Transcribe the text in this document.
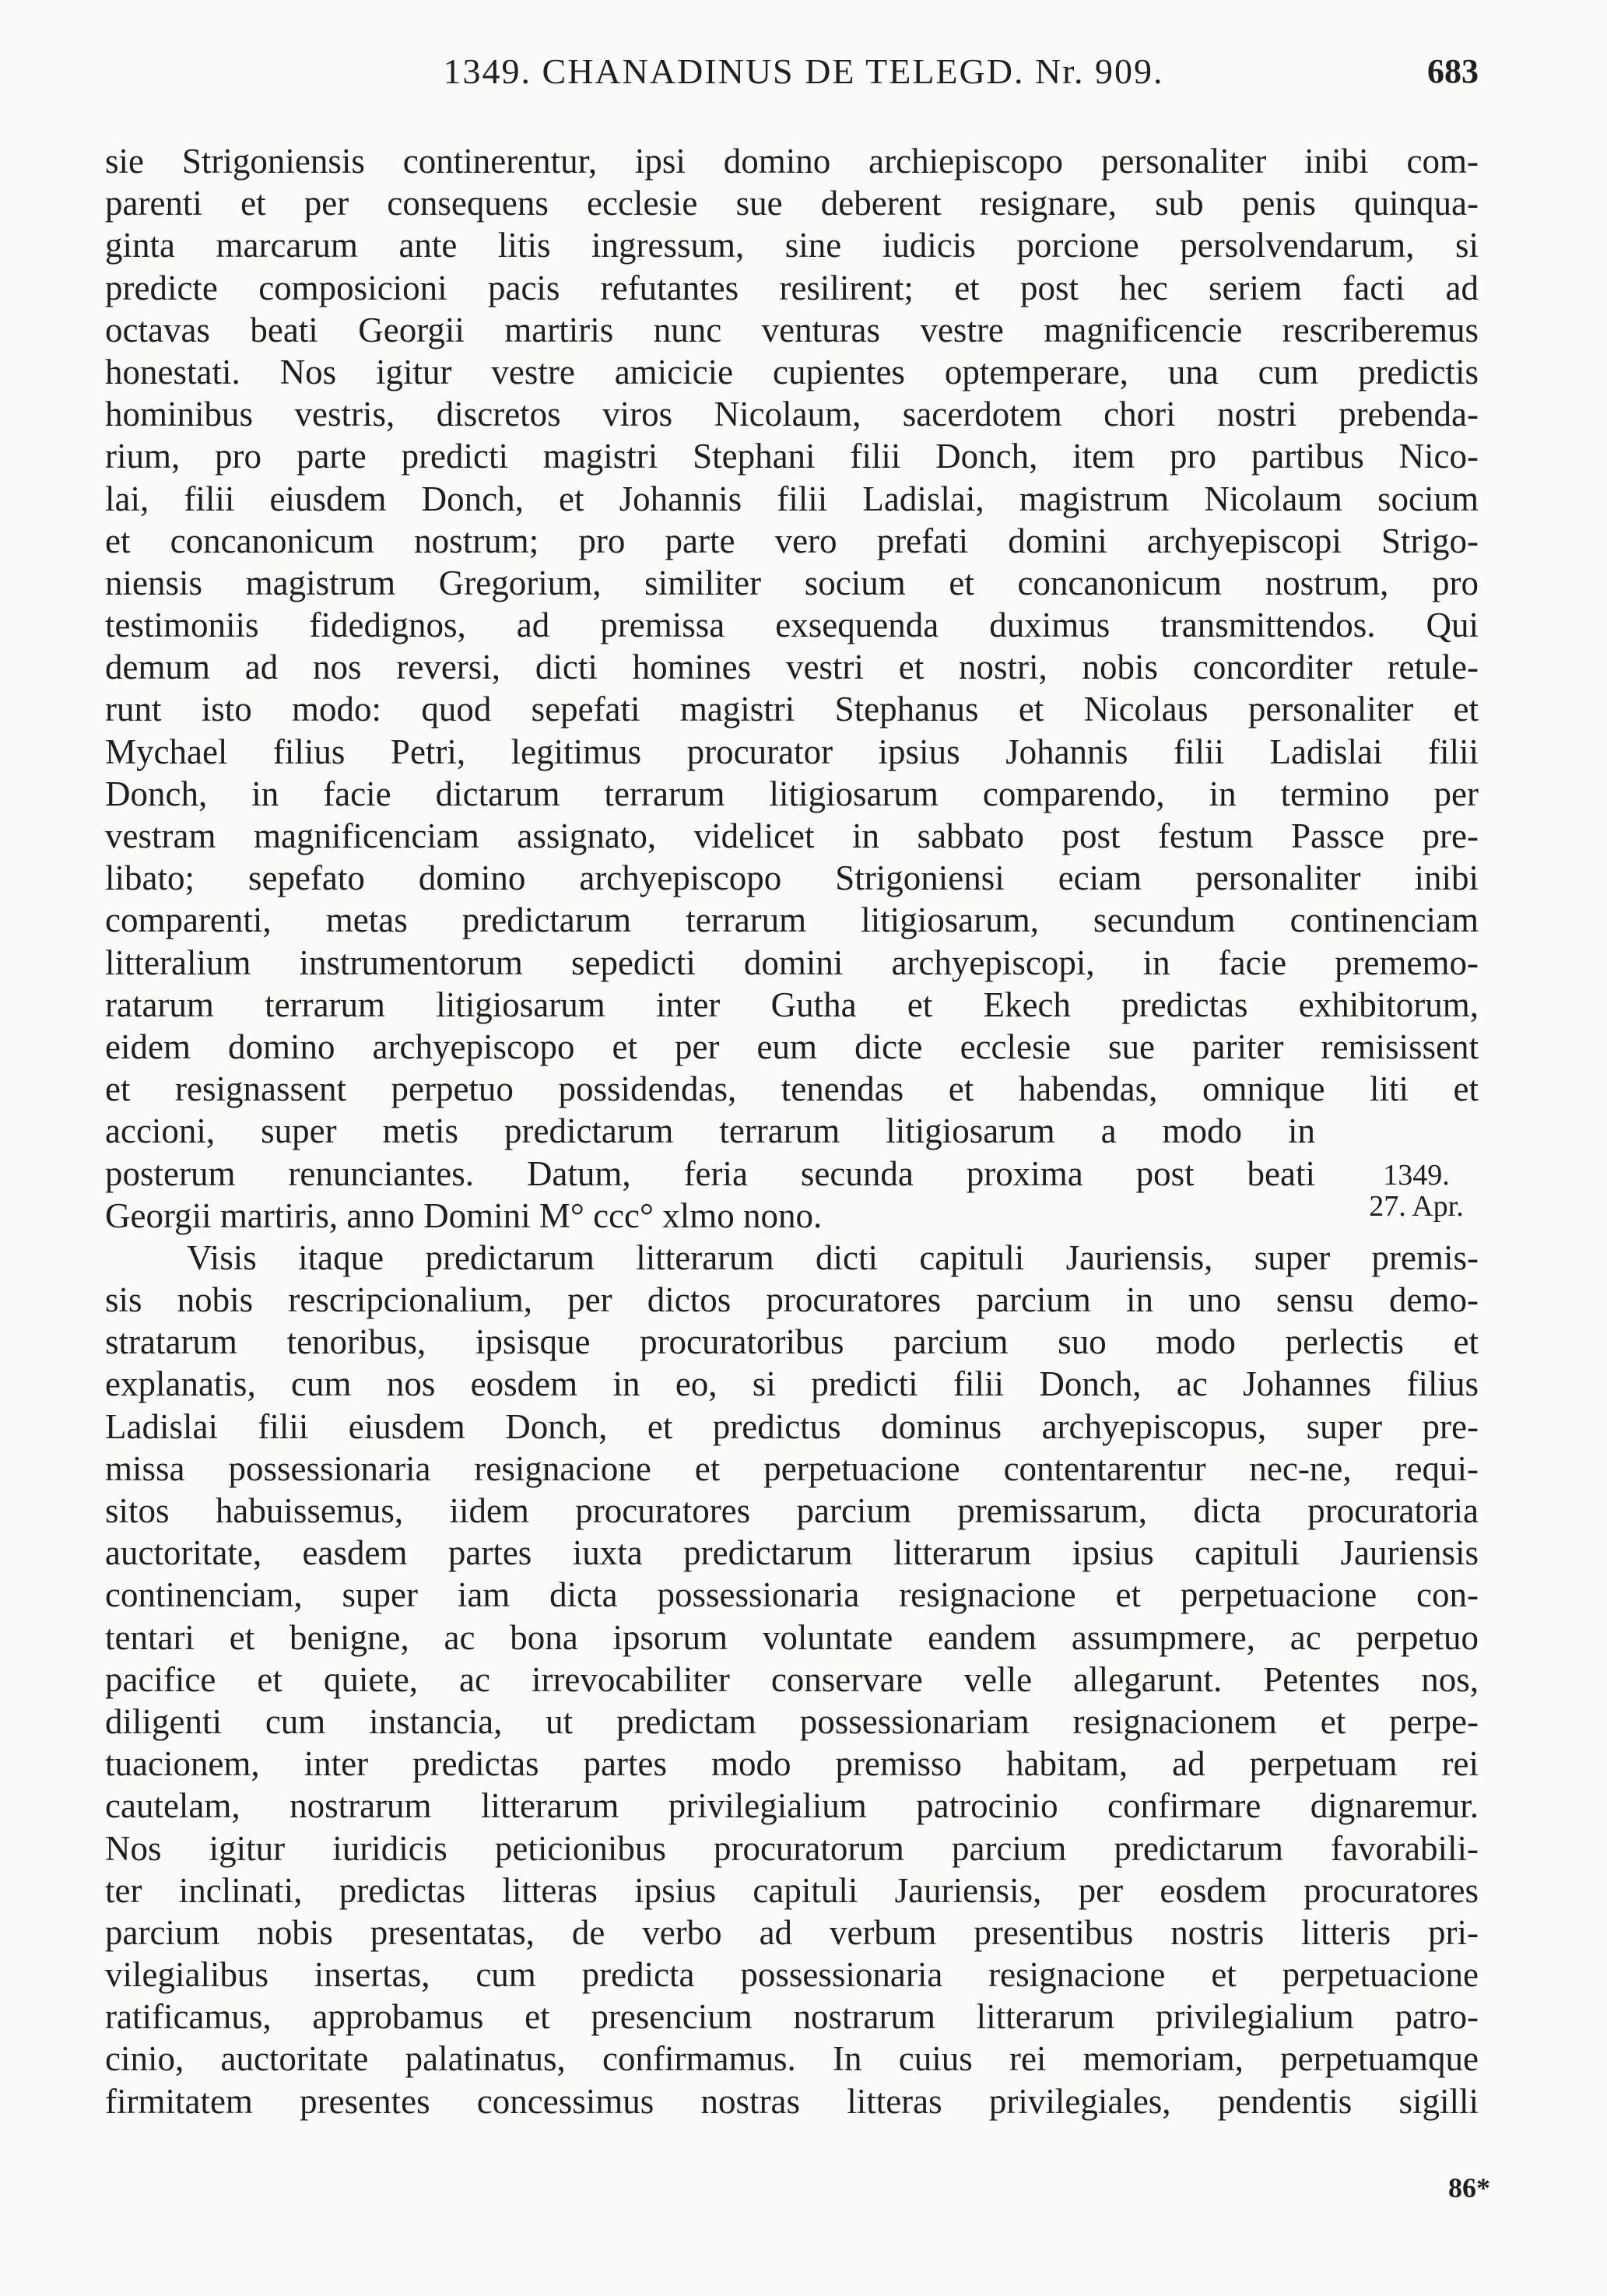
1349. CHANADINUS DE TELEGD. Nr. 909.	683
sie Strigoniensis continerentur, ipsi domino archiepiscopo personaliter inibi com-
parenti et per consequens ecclesie sue deberent resignare, sub penis quinqua-
ginta marcarum ante litis ingressum, sine iudicis porcione persolvendarum, si
predicte composicioni pacis refutantes resilirent; et post hec seriem facti ad
octavas beati Georgii martiris nunc venturas vestre magnificencie rescriberemus
honestati. Nos igitur vestre amicicie cupientes optemperare, una cum predictis
hominibus vestris, discretos viros Nicolaum, sacerdotem chori nostri prebenda-
rium, pro parte predicti magistri Stephani filii Donch, item pro partibus Nico-
lai, filii eiusdem Donch, et Johannis filii Ladislai, magistrum Nicolaum socium
et concanonicum nostrum; pro parte vero prefati domini archyepiscopi Strigo-
niensis magistrum Gregorium, similiter socium et concanonicum nostrum, pro
testimoniis fidedignos, ad premissa exsequenda duximus transmittendos. Qui
demum ad nos reversi, dicti homines vestri et nostri, nobis concorditer retule-
runt isto modo: quod sepefati magistri Stephanus et Nicolaus personaliter et
Mychael filius Petri, legitimus procurator ipsius Johannis filii Ladislai filii
Donch, in facie dictarum terrarum litigiosarum comparendo, in termino per
vestram magnificenciam assignato, videlicet in sabbato post festum Passce pre-
libato; sepefato domino archyepiscopo Strigoniensi eciam personaliter inibi
comparenti, metas predictarum terrarum litigiosarum, secundum continenciam
litteralium instrumentorum sepedicti domini archyepiscopi, in facie prememo-
ratarum terrarum litigiosarum inter Gutha et Ekech predictas exhibitorum,
eidem domino archyepiscopo et per eum dicte ecclesie sue pariter remisissent
et resignassent perpetuo possidendas, tenendas et habendas, omnique liti et
accioni, super metis predictarum terrarum litigiosarum a modo in
posterum renunciantes. Datum, feria secunda proxima post beati
Georgii martiris, anno Domini M° ccc° xlmo nono.
Visis itaque predictarum litterarum dicti capituli Jauriensis, super premis-
sis nobis rescripcionalium, per dictos procuratores parcium in uno sensu demo-
stratarum tenoribus, ipsisque procuratoribus parcium suo modo perlectis et
explanatis, cum nos eosdem in eo, si predicti filii Donch, ac Johannes filius
Ladislai filii eiusdem Donch, et predictus dominus archyepiscopus, super pre-
missa possessionaria resignacione et perpetuacione contentarentur nec-ne, requi-
sitos habuissemus, iidem procuratores parcium premissarum, dicta procuratoria
auctoritate, easdem partes iuxta predictarum litterarum ipsius capituli Jauriensis
continenciam, super iam dicta possessionaria resignacione et perpetuacione con-
tentari et benigne, ac bona ipsorum voluntate eandem assumpmere, ac perpetuo
pacifice et quiete, ac irrevocabiliter conservare velle allegarunt. Petentes nos,
diligenti cum instancia, ut predictam possessionariam resignacionem et perpe-
tuacionem, inter predictas partes modo premisso habitam, ad perpetuam rei
cautelam, nostrarum litterarum privilegialium patrocinio confirmare dignaremur.
Nos igitur iuridicis peticionibus procuratorum parcium predictarum favorabili-
ter inclinati, predictas litteras ipsius capituli Jauriensis, per eosdem procuratores
parcium nobis presentatas, de verbo ad verbum presentibus nostris litteris pri-
vilegialibus insertas, cum predicta possessionaria resignacione et perpetuacione
ratificamus, approbamus et presencium nostrarum litterarum privilegialium patro-
cinio, auctoritate palatinatus, confirmamus. In cuius rei memoriam, perpetuamque
firmitatem presentes concessimus nostras litteras privilegiales, pendentis sigilli
1349.
27. Apr.
86*
